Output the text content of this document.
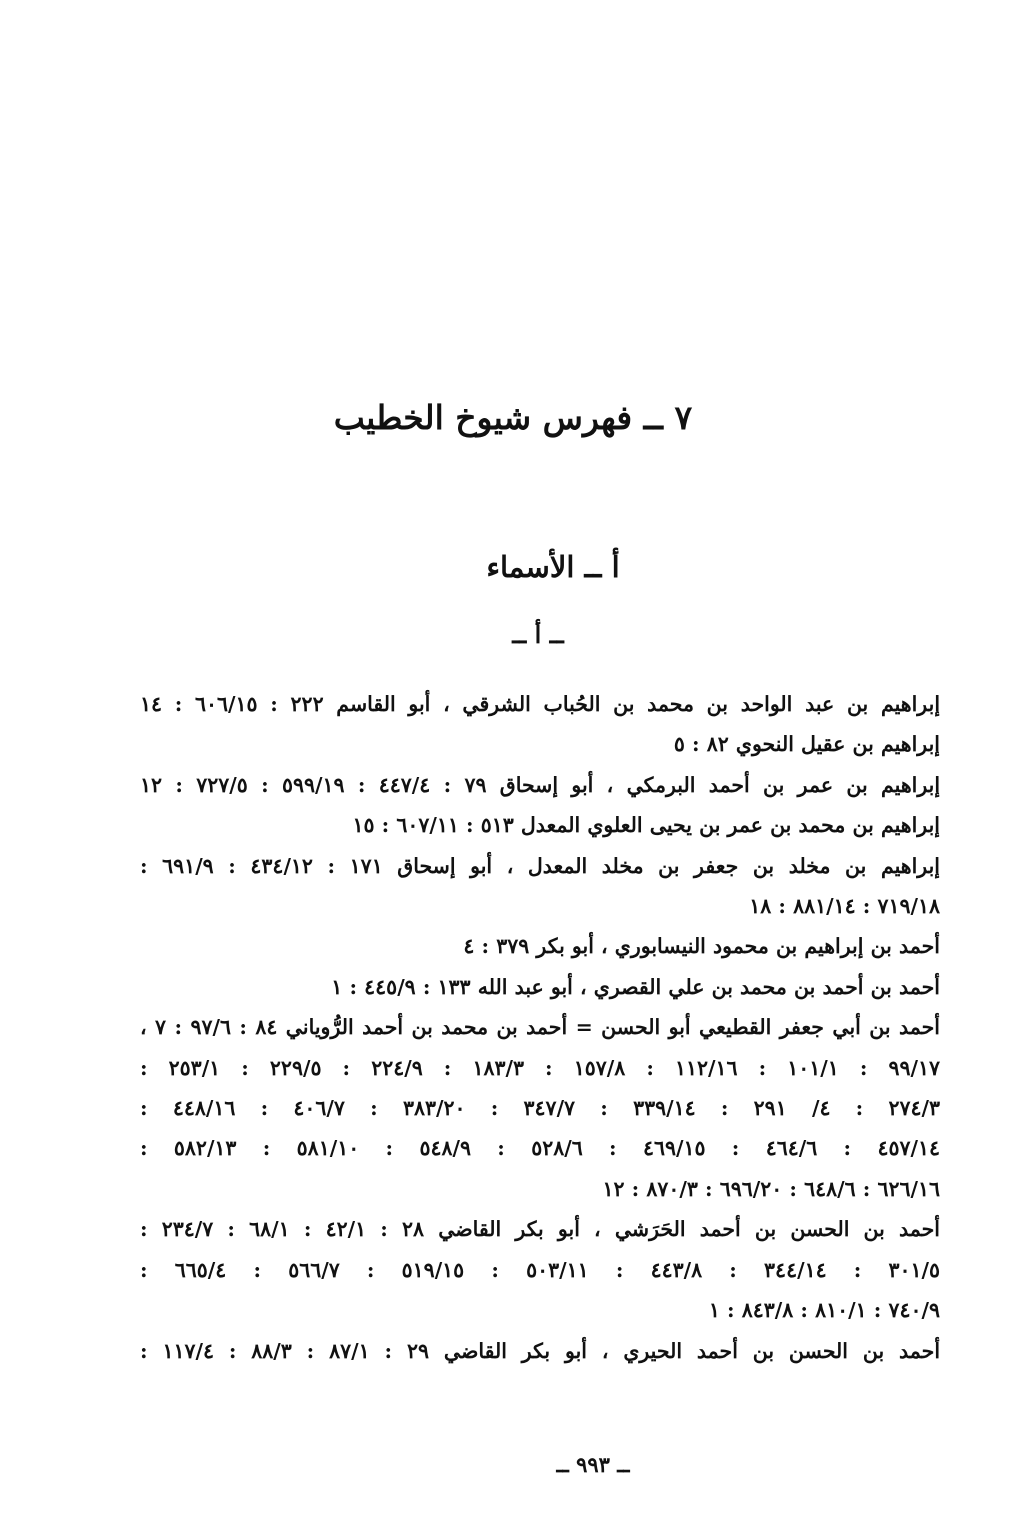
٧ ــ فهرس شيوخ الخطيب
أ ــ الأسماء
ــ أ ــ
إبراهيم بن عبد الواحد بن محمد بن الحُباب الشرقي ، أبو القاسم ٢٢٢ : ٦٠٦/١٥ : ١٤
إبراهيم بن عقيل النحوي ٨٢ : ٥
إبراهيم بن عمر بن أحمد البرمكي ، أبو إسحاق ٧٩ : ٤٤٧/٤ : ٥٩٩/١٩ : ٧٢٧/٥ : ١٢
إبراهيم بن محمد بن عمر بن يحيى العلوي المعدل ٥١٣ : ٦٠٧/١١ : ١٥
إبراهيم بن مخلد بن جعفر بن مخلد المعدل ، أبو إسحاق ١٧١ : ٤٣٤/١٢ : ٦٩١/٩ :
٧١٩/١٨ : ٨٨١/١٤ : ١٨
أحمد بن إبراهيم بن محمود النيسابوري ، أبو بكر ٣٧٩ : ٤
أحمد بن أحمد بن محمد بن علي القصري ، أبو عبد الله ١٣٣ : ٤٤٥/٩ : ١
أحمد بن أبي جعفر القطيعي أبو الحسن = أحمد بن محمد بن أحمد الرُّوياني ٨٤ : ٩٧/٦ : ٧ ،
٩٩/١٧ : ١٠١/١ : ١١٢/١٦ : ١٥٧/٨ : ١٨٣/٣ : ٢٢٤/٩ : ٢٢٩/٥ : ٢٥٣/١ :
٢٧٤/٣ : ٤/ ٢٩١ : ٣٣٩/١٤ : ٣٤٧/٧ : ٣٨٣/٢٠ : ٤٠٦/٧ : ٤٤٨/١٦ :
٤٥٧/١٤ : ٤٦٤/٦ : ٤٦٩/١٥ : ٥٢٨/٦ : ٥٤٨/٩ : ٥٨١/١٠ : ٥٨٢/١٣ :
٦٢٦/١٦ : ٦٤٨/٦ : ٦٩٦/٢٠ : ٨٧٠/٣ : ١٢
أحمد بن الحسن بن أحمد الحَرَشي ، أبو بكر القاضي ٢٨ : ٤٢/١ : ٦٨/١ : ٢٣٤/٧ :
٣٠١/٥ : ٣٤٤/١٤ : ٤٤٣/٨ : ٥٠٣/١١ : ٥١٩/١٥ : ٥٦٦/٧ : ٦٦٥/٤ :
٧٤٠/٩ : ٨١٠/١ : ٨٤٣/٨ : ١
أحمد بن الحسن بن أحمد الحيري ، أبو بكر القاضي ٢٩ : ٨٧/١ : ٨٨/٣ : ١١٧/٤ :
ــ ٩٩٣ ــ
